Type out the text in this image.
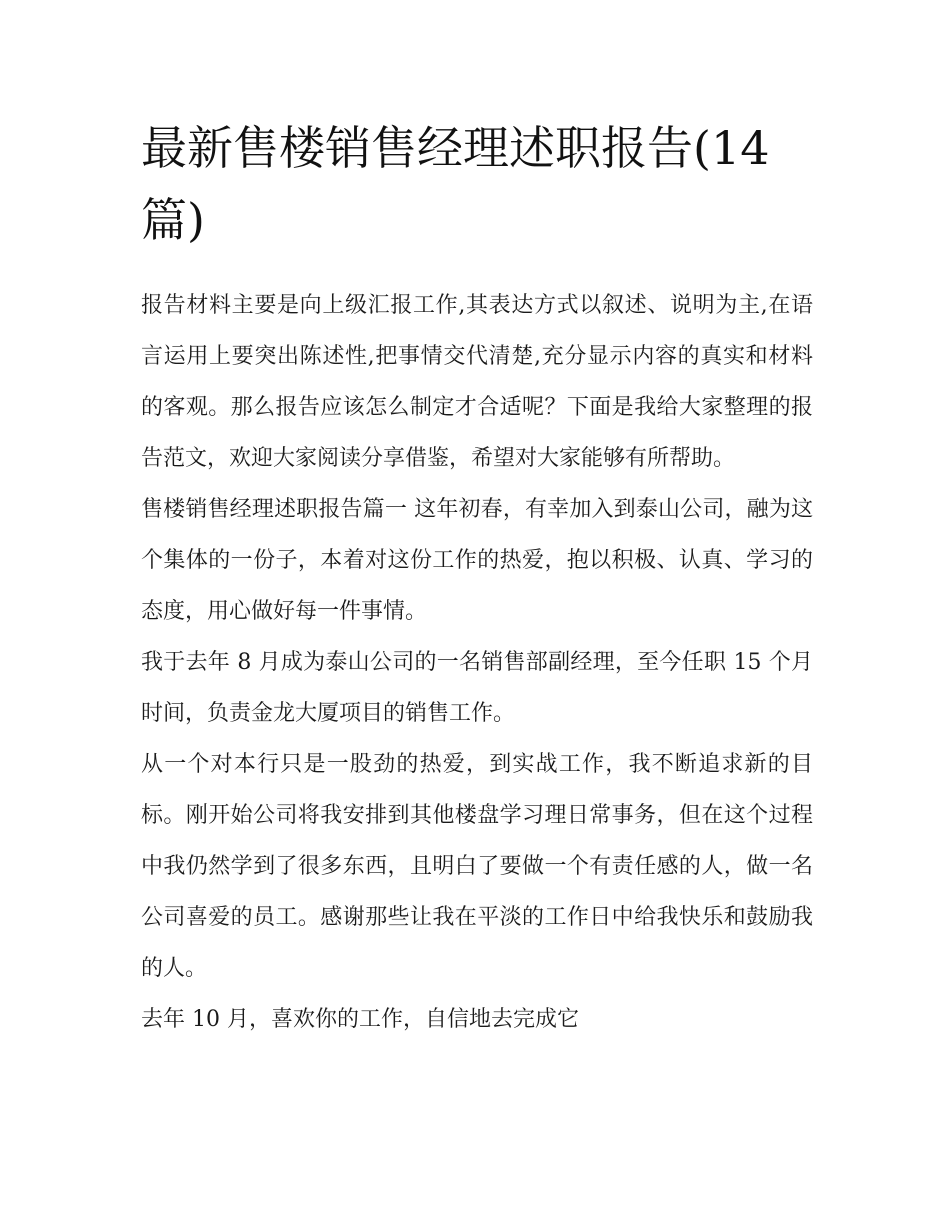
最新售楼销售经理述职报告(14篇)

报告材料主要是向上级汇报工作,其表达方式以叙述、说明为主,在语言运用上要突出陈述性,把事情交代清楚,充分显示内容的真实和材料的客观。那么报告应该怎么制定才合适呢？下面是我给大家整理的报告范文，欢迎大家阅读分享借鉴，希望对大家能够有所帮助。

售楼销售经理述职报告篇一 这年初春，有幸加入到泰山公司，融为这个集体的一份子，本着对这份工作的热爱，抱以积极、认真、学习的态度，用心做好每一件事情。

我于去年 8 月成为泰山公司的一名销售部副经理，至今任职 15 个月时间，负责金龙大厦项目的销售工作。

从一个对本行只是一股劲的热爱，到实战工作，我不断追求新的目标。刚开始公司将我安排到其他楼盘学习理日常事务，但在这个过程中我仍然学到了很多东西，且明白了要做一个有责任感的人，做一名公司喜爱的员工。感谢那些让我在平淡的工作日中给我快乐和鼓励我的人。

去年 10 月，喜欢你的工作，自信地去完成它
